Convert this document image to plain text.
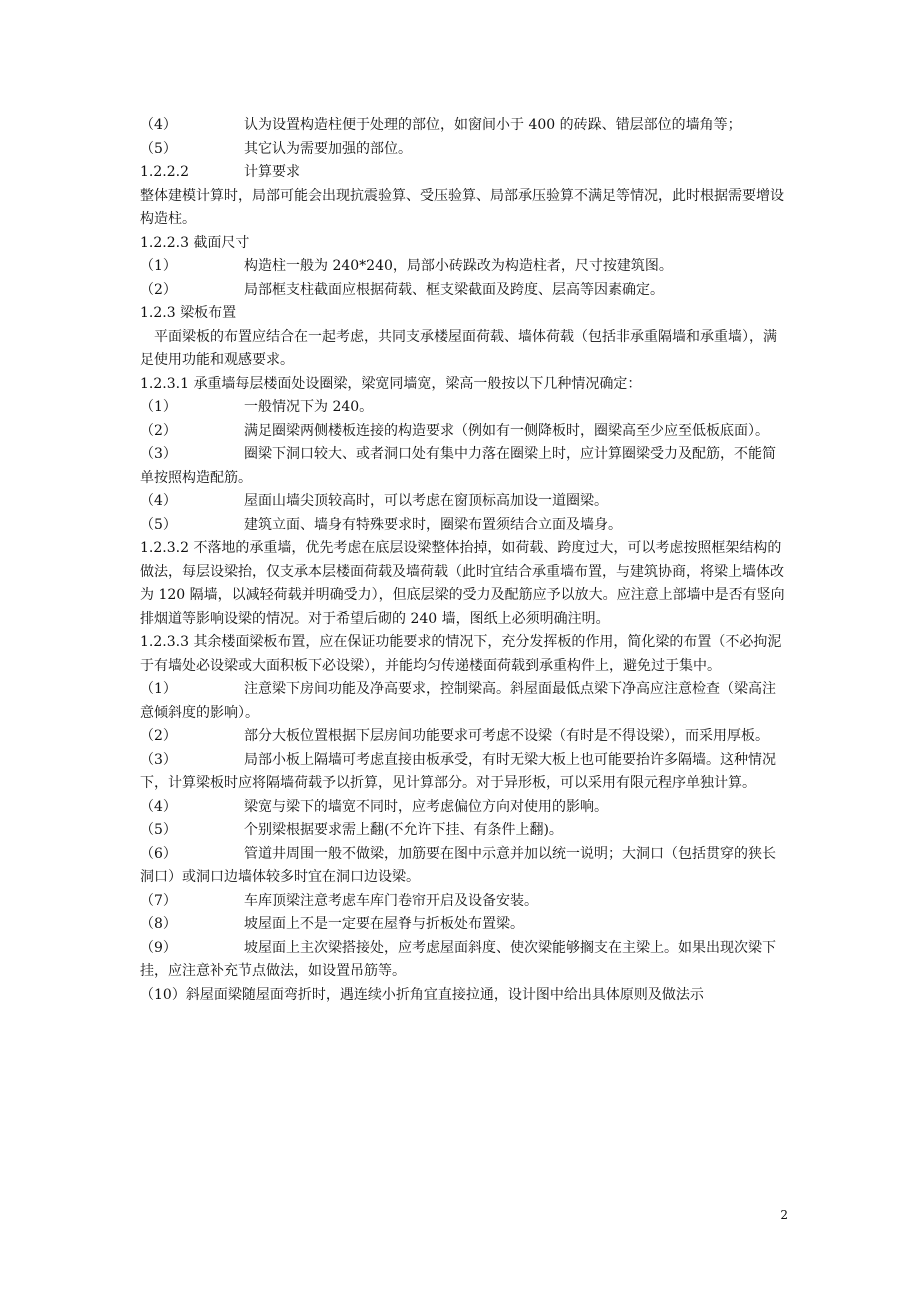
（4）	认为设置构造柱便于处理的部位，如窗间小于 400 的砖跺、错层部位的墙角等；
（5）	其它认为需要加强的部位。
1.2.2.2	计算要求
整体建模计算时，局部可能会出现抗震验算、受压验算、局部承压验算不满足等情况，此时根据需要增设构造柱。
1.2.2.3 截面尺寸
（1）	构造柱一般为 240*240，局部小砖跺改为构造柱者，尺寸按建筑图。
（2）	局部框支柱截面应根据荷载、框支梁截面及跨度、层高等因素确定。
1.2.3 梁板布置
平面梁板的布置应结合在一起考虑，共同支承楼屋面荷载、墙体荷载（包括非承重隔墙和承重墙），满足使用功能和观感要求。
1.2.3.1 承重墙每层楼面处设圈梁，梁宽同墙宽，梁高一般按以下几种情况确定：
（1）	一般情况下为 240。
（2）	满足圈梁两侧楼板连接的构造要求（例如有一侧降板时，圈梁高至少应至低板底面）。
（3）	圈梁下洞口较大、或者洞口处有集中力落在圈梁上时，应计算圈梁受力及配筋，不能简单按照构造配筋。
（4）	屋面山墙尖顶较高时，可以考虑在窗顶标高加设一道圈梁。
（5）	建筑立面、墙身有特殊要求时，圈梁布置须结合立面及墙身。
1.2.3.2 不落地的承重墙，优先考虑在底层设梁整体抬掉，如荷载、跨度过大，可以考虑按照框架结构的做法，每层设梁抬，仅支承本层楼面荷载及墙荷载（此时宜结合承重墙布置，与建筑协商，将梁上墙体改为 120 隔墙，以减轻荷载并明确受力），但底层梁的受力及配筋应予以放大。应注意上部墙中是否有竖向排烟道等影响设梁的情况。对于希望后砌的 240 墙，图纸上必须明确注明。
1.2.3.3 其余楼面梁板布置，应在保证功能要求的情况下，充分发挥板的作用，简化梁的布置（不必拘泥于有墙处必设梁或大面积板下必设梁），并能均匀传递楼面荷载到承重构件上，避免过于集中。
（1）	注意梁下房间功能及净高要求，控制梁高。斜屋面最低点梁下净高应注意检查（梁高注意倾斜度的影响）。
（2）	部分大板位置根据下层房间功能要求可考虑不设梁（有时是不得设梁），而采用厚板。
（3）	局部小板上隔墙可考虑直接由板承受，有时无梁大板上也可能要抬许多隔墙。这种情况下，计算梁板时应将隔墙荷载予以折算，见计算部分。对于异形板，可以采用有限元程序单独计算。
（4）	梁宽与梁下的墙宽不同时，应考虑偏位方向对使用的影响。
（5）	个别梁根据要求需上翻(不允许下挂、有条件上翻)。
（6）	管道井周围一般不做梁，加筋要在图中示意并加以统一说明；大洞口（包括贯穿的狭长洞口）或洞口边墙体较多时宜在洞口边设梁。
（7）	车库顶梁注意考虑车库门卷帘开启及设备安装。
（8）	坡屋面上不是一定要在屋脊与折板处布置梁。
（9）	坡屋面上主次梁搭接处，应考虑屋面斜度、使次梁能够搁支在主梁上。如果出现次梁下挂，应注意补充节点做法，如设置吊筋等。
（10）斜屋面梁随屋面弯折时，遇连续小折角宜直接拉通，设计图中给出具体原则及做法示
2
